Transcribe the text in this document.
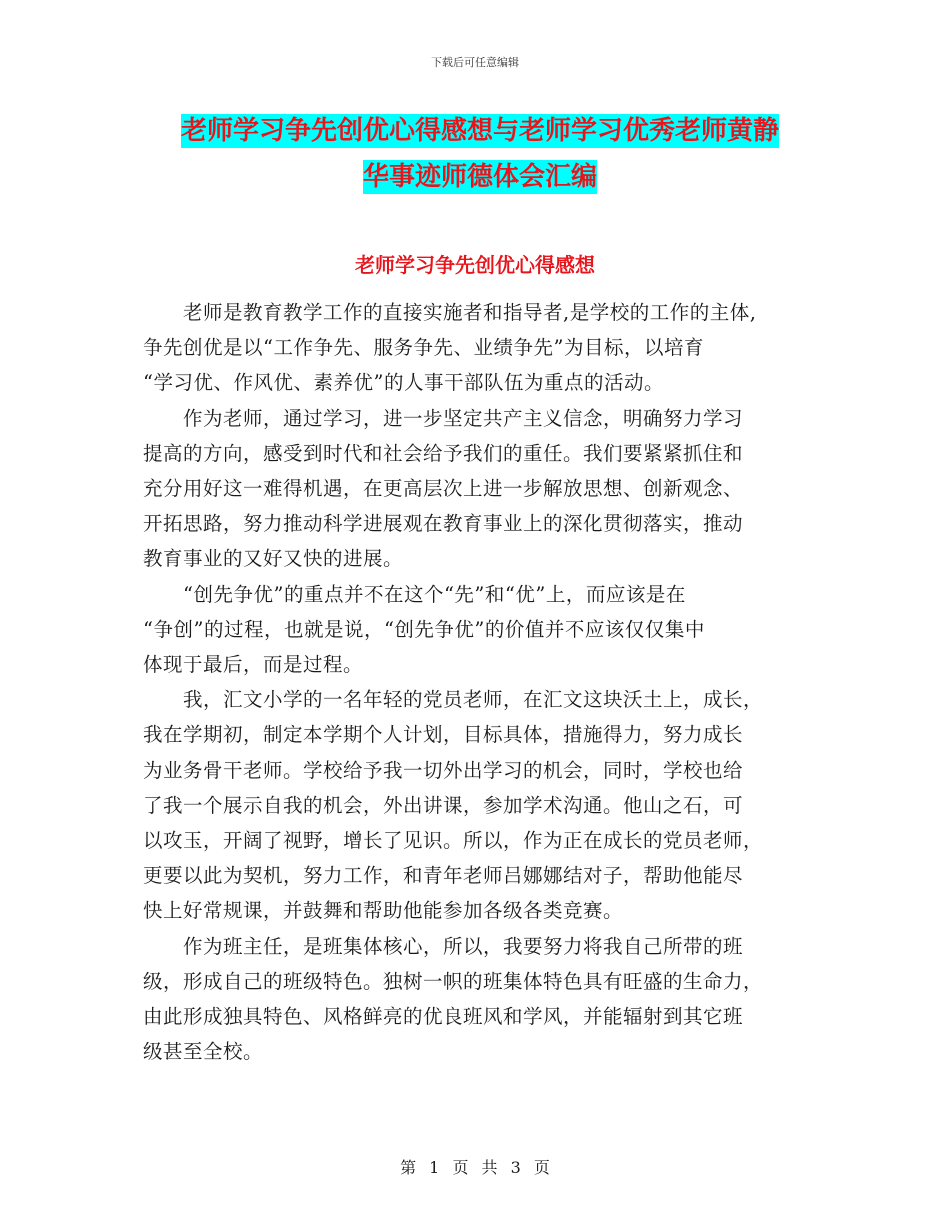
下载后可任意编辑
老师学习争先创优心得感想与老师学习优秀老师黄静
华事迹师德体会汇编
老师学习争先创优心得感想

老师是教育教学工作的直接实施者和指导者,是学校的工作的主体,
争先创优是以“工作争先、服务争先、业绩争先”为目标，以培育
“学习优、作风优、素养优”的人事干部队伍为重点的活动。

作为老师，通过学习，进一步坚定共产主义信念，明确努力学习
提高的方向，感受到时代和社会给予我们的重任。我们要紧紧抓住和
充分用好这一难得机遇，在更高层次上进一步解放思想、创新观念、
开拓思路，努力推动科学进展观在教育事业上的深化贯彻落实，推动
教育事业的又好又快的进展。

“创先争优”的重点并不在这个“先”和“优”上，而应该是在
“争创”的过程，也就是说，“创先争优”的价值并不应该仅仅集中
体现于最后，而是过程。

我，汇文小学的一名年轻的党员老师，在汇文这块沃土上，成长，
我在学期初，制定本学期个人计划，目标具体，措施得力，努力成长
为业务骨干老师。学校给予我一切外出学习的机会，同时，学校也给
了我一个展示自我的机会，外出讲课，参加学术沟通。他山之石，可
以攻玉，开阔了视野，增长了见识。所以，作为正在成长的党员老师，
更要以此为契机，努力工作，和青年老师吕娜娜结对子，帮助他能尽
快上好常规课，并鼓舞和帮助他能参加各级各类竞赛。

作为班主任，是班集体核心，所以，我要努力将我自己所带的班
级，形成自己的班级特色。独树一帜的班集体特色具有旺盛的生命力，
由此形成独具特色、风格鲜亮的优良班风和学风，并能辐射到其它班
级甚至全校。

第 1 页 共 3 页
